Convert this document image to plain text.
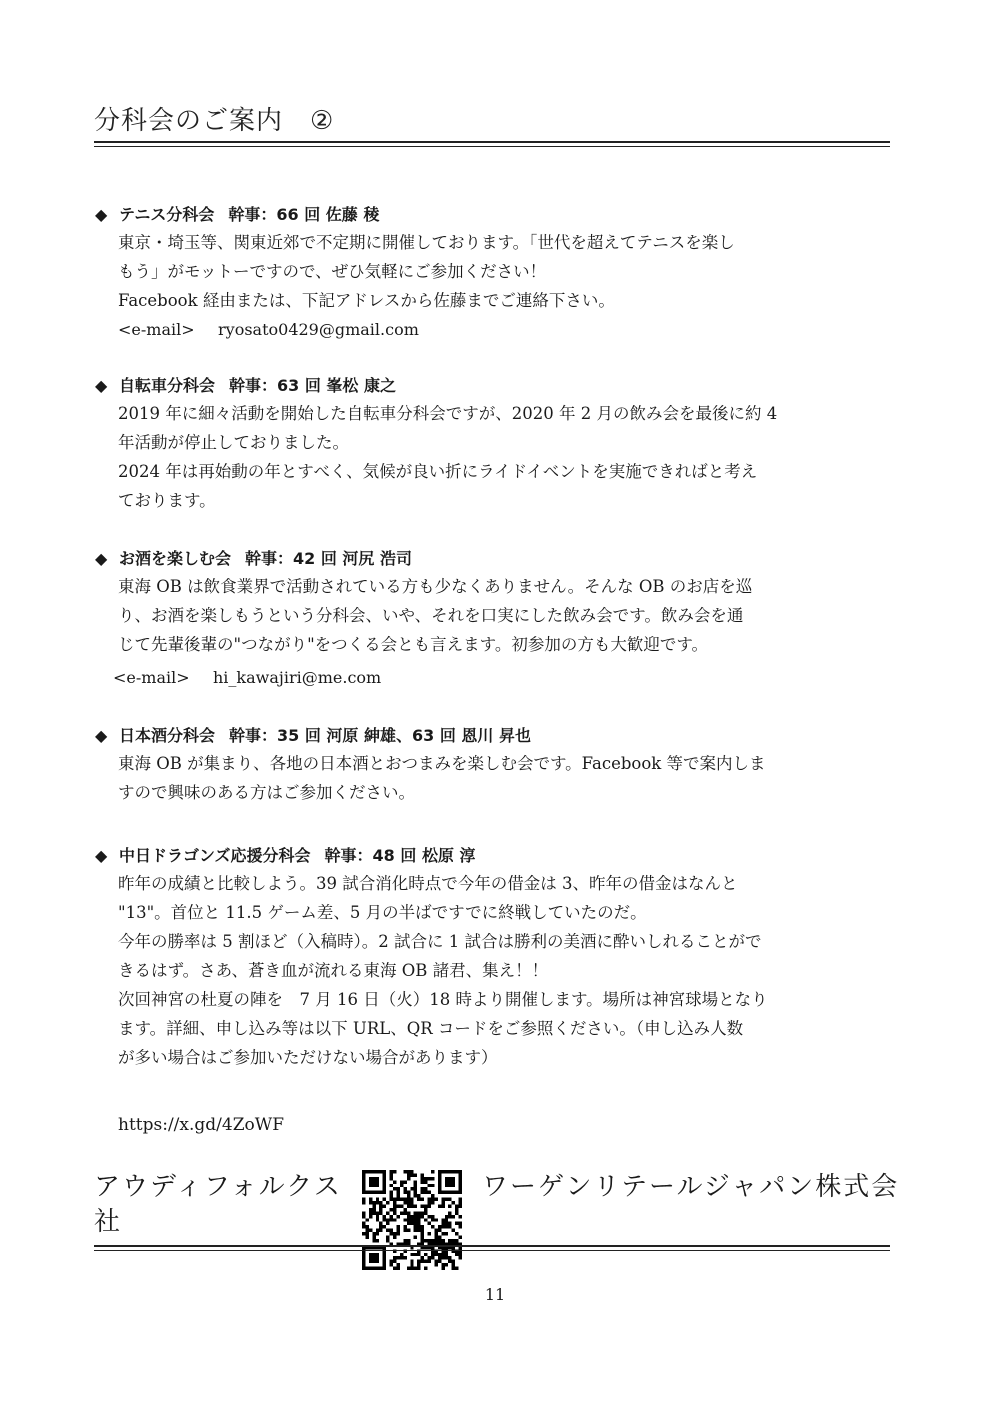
分科会のご案内　②
◆ テニス分科会 幹事：66 回 佐藤 稜
東京・埼玉等、関東近郊で不定期に開催しております。「世代を超えてテニスを楽し
もう」がモットーですので、ぜひ気軽にご参加ください！
Facebook 経由または、下記アドレスから佐藤までご連絡下さい。
<e-mail> ryosato0429@gmail.com
◆ 自転車分科会 幹事：63 回 峯松 康之
2019 年に細々活動を開始した自転車分科会ですが、2020 年 2 月の飲み会を最後に約 4
年活動が停止しておりました。
2024 年は再始動の年とすべく、気候が良い折にライドイベントを実施できればと考え
ております。
◆ お酒を楽しむ会 幹事：42 回 河尻 浩司
東海 OB は飲食業界で活動されている方も少なくありません。そんな OB のお店を巡
り、お酒を楽しもうという分科会、いや、それを口実にした飲み会です。飲み会を通
じて先輩後輩の"つながり"をつくる会とも言えます。初参加の方も大歓迎です。
<e-mail> hi_kawajiri@me.com
◆ 日本酒分科会 幹事：35 回 河原 紳雄、63 回 恩川 昇也
東海 OB が集まり、各地の日本酒とおつまみを楽しむ会です。Facebook 等で案内しま
すので興味のある方はご参加ください。
◆ 中日ドラゴンズ応援分科会 幹事：48 回 松原 淳
昨年の成績と比較しよう。39 試合消化時点で今年の借金は 3、昨年の借金はなんと
"13"。首位と 11.5 ゲーム差、5 月の半ばですでに終戦していたのだ。
今年の勝率は 5 割ほど（入稿時）。2 試合に 1 試合は勝利の美酒に酔いしれることがで
きるはず。さあ、蒼き血が流れる東海 OB 諸君、集え！！
次回神宮の杜夏の陣を　7 月 16 日（火）18 時より開催します。場所は神宮球場となり
ます。詳細、申し込み等は以下 URL、QR コードをご参照ください。（申し込み人数
が多い場合はご参加いただけない場合があります）
https://x.gd/4ZoWF
アウディフォルクス社
ワーゲンリテールジャパン株式会
11
